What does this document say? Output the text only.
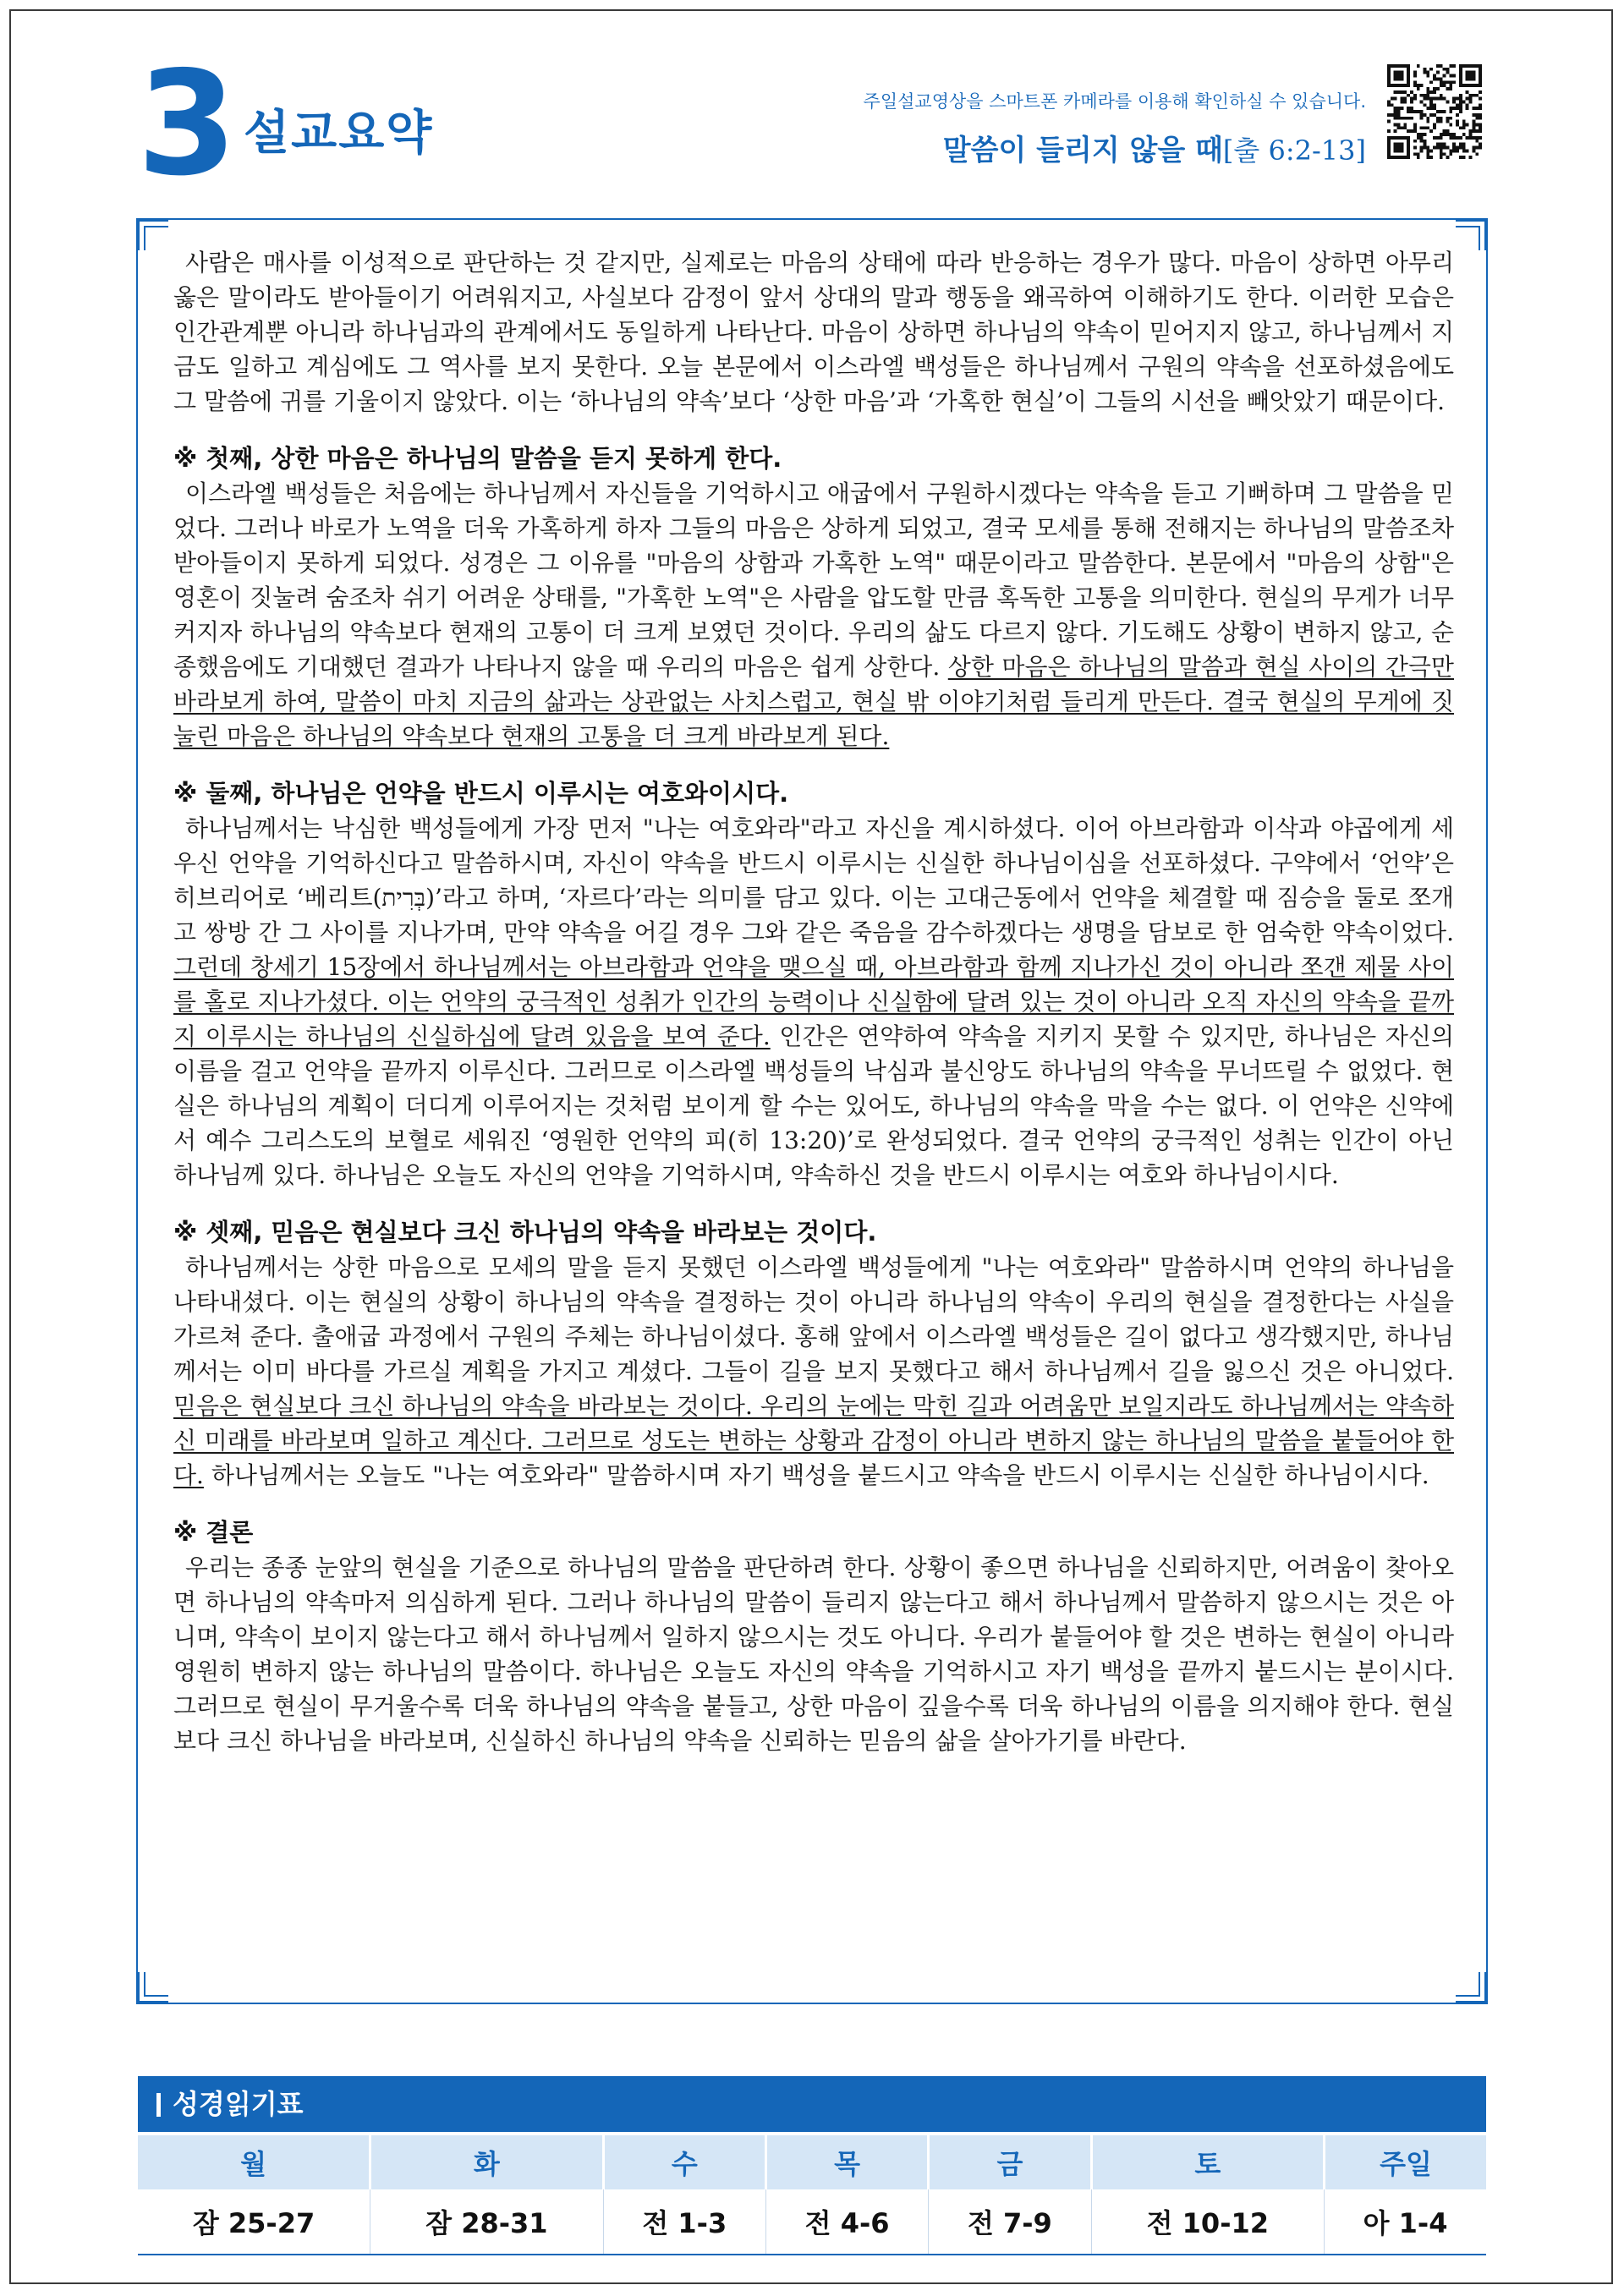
3 설교요약
주일설교영상을 스마트폰 카메라를 이용해 확인하실 수 있습니다.
말씀이 들리지 않을 때[출 6:2-13]

사람은 매사를 이성적으로 판단하는 것 같지만, 실제로는 마음의 상태에 따라 반응하는 경우가 많다. 마음이 상하면 아무리 옳은 말이라도 받아들이기 어려워지고, 사실보다 감정이 앞서 상대의 말과 행동을 왜곡하여 이해하기도 한다. 이러한 모습은 인간관계뿐 아니라 하나님과의 관계에서도 동일하게 나타난다. 마음이 상하면 하나님의 약속이 믿어지지 않고, 하나님께서 지금도 일하고 계심에도 그 역사를 보지 못한다. 오늘 본문에서 이스라엘 백성들은 하나님께서 구원의 약속을 선포하셨음에도 그 말씀에 귀를 기울이지 않았다. 이는 ‘하나님의 약속’보다 ‘상한 마음’과 ‘가혹한 현실’이 그들의 시선을 빼앗았기 때문이다.

※ 첫째, 상한 마음은 하나님의 말씀을 듣지 못하게 한다.

이스라엘 백성들은 처음에는 하나님께서 자신들을 기억하시고 애굽에서 구원하시겠다는 약속을 듣고 기뻐하며 그 말씀을 믿었다. 그러나 바로가 노역을 더욱 가혹하게 하자 그들의 마음은 상하게 되었고, 결국 모세를 통해 전해지는 하나님의 말씀조차 받아들이지 못하게 되었다. 성경은 그 이유를 "마음의 상함과 가혹한 노역" 때문이라고 말씀한다. 본문에서 "마음의 상함"은 영혼이 짓눌려 숨조차 쉬기 어려운 상태를, "가혹한 노역"은 사람을 압도할 만큼 혹독한 고통을 의미한다. 현실의 무게가 너무 커지자 하나님의 약속보다 현재의 고통이 더 크게 보였던 것이다. 우리의 삶도 다르지 않다. 기도해도 상황이 변하지 않고, 순종했음에도 기대했던 결과가 나타나지 않을 때 우리의 마음은 쉽게 상한다. 상한 마음은 하나님의 말씀과 현실 사이의 간극만 바라보게 하여, 말씀이 마치 지금의 삶과는 상관없는 사치스럽고, 현실 밖 이야기처럼 들리게 만든다. 결국 현실의 무게에 짓눌린 마음은 하나님의 약속보다 현재의 고통을 더 크게 바라보게 된다.

※ 둘째, 하나님은 언약을 반드시 이루시는 여호와이시다.

하나님께서는 낙심한 백성들에게 가장 먼저 "나는 여호와라"라고 자신을 계시하셨다. 이어 아브라함과 이삭과 야곱에게 세우신 언약을 기억하신다고 말씀하시며, 자신이 약속을 반드시 이루시는 신실한 하나님이심을 선포하셨다. 구약에서 ‘언약’은 히브리어로 ‘베리트(בְּרִית)’라고 하며, ‘자르다’라는 의미를 담고 있다. 이는 고대근동에서 언약을 체결할 때 짐승을 둘로 쪼개고 쌍방 간 그 사이를 지나가며, 만약 약속을 어길 경우 그와 같은 죽음을 감수하겠다는 생명을 담보로 한 엄숙한 약속이었다. 그런데 창세기 15장에서 하나님께서는 아브라함과 언약을 맺으실 때, 아브라함과 함께 지나가신 것이 아니라 쪼갠 제물 사이를 홀로 지나가셨다. 이는 언약의 궁극적인 성취가 인간의 능력이나 신실함에 달려 있는 것이 아니라 오직 자신의 약속을 끝까지 이루시는 하나님의 신실하심에 달려 있음을 보여 준다. 인간은 연약하여 약속을 지키지 못할 수 있지만, 하나님은 자신의 이름을 걸고 언약을 끝까지 이루신다. 그러므로 이스라엘 백성들의 낙심과 불신앙도 하나님의 약속을 무너뜨릴 수 없었다. 현실은 하나님의 계획이 더디게 이루어지는 것처럼 보이게 할 수는 있어도, 하나님의 약속을 막을 수는 없다. 이 언약은 신약에서 예수 그리스도의 보혈로 세워진 ‘영원한 언약의 피(히 13:20)’로 완성되었다. 결국 언약의 궁극적인 성취는 인간이 아닌 하나님께 있다. 하나님은 오늘도 자신의 언약을 기억하시며, 약속하신 것을 반드시 이루시는 여호와 하나님이시다.

※ 셋째, 믿음은 현실보다 크신 하나님의 약속을 바라보는 것이다.

하나님께서는 상한 마음으로 모세의 말을 듣지 못했던 이스라엘 백성들에게 "나는 여호와라" 말씀하시며 언약의 하나님을 나타내셨다. 이는 현실의 상황이 하나님의 약속을 결정하는 것이 아니라 하나님의 약속이 우리의 현실을 결정한다는 사실을 가르쳐 준다. 출애굽 과정에서 구원의 주체는 하나님이셨다. 홍해 앞에서 이스라엘 백성들은 길이 없다고 생각했지만, 하나님께서는 이미 바다를 가르실 계획을 가지고 계셨다. 그들이 길을 보지 못했다고 해서 하나님께서 길을 잃으신 것은 아니었다. 믿음은 현실보다 크신 하나님의 약속을 바라보는 것이다. 우리의 눈에는 막힌 길과 어려움만 보일지라도 하나님께서는 약속하신 미래를 바라보며 일하고 계신다. 그러므로 성도는 변하는 상황과 감정이 아니라 변하지 않는 하나님의 말씀을 붙들어야 한다. 하나님께서는 오늘도 "나는 여호와라" 말씀하시며 자기 백성을 붙드시고 약속을 반드시 이루시는 신실한 하나님이시다.

※ 결론

우리는 종종 눈앞의 현실을 기준으로 하나님의 말씀을 판단하려 한다. 상황이 좋으면 하나님을 신뢰하지만, 어려움이 찾아오면 하나님의 약속마저 의심하게 된다. 그러나 하나님의 말씀이 들리지 않는다고 해서 하나님께서 말씀하지 않으시는 것은 아니며, 약속이 보이지 않는다고 해서 하나님께서 일하지 않으시는 것도 아니다. 우리가 붙들어야 할 것은 변하는 현실이 아니라 영원히 변하지 않는 하나님의 말씀이다. 하나님은 오늘도 자신의 약속을 기억하시고 자기 백성을 끝까지 붙드시는 분이시다. 그러므로 현실이 무거울수록 더욱 하나님의 약속을 붙들고, 상한 마음이 깊을수록 더욱 하나님의 이름을 의지해야 한다. 현실보다 크신 하나님을 바라보며, 신실하신 하나님의 약속을 신뢰하는 믿음의 삶을 살아가기를 바란다.

성경읽기표
월	화	수	목	금	토	주일
잠 25-27	잠 28-31	전 1-3	전 4-6	전 7-9	전 10-12	아 1-4
